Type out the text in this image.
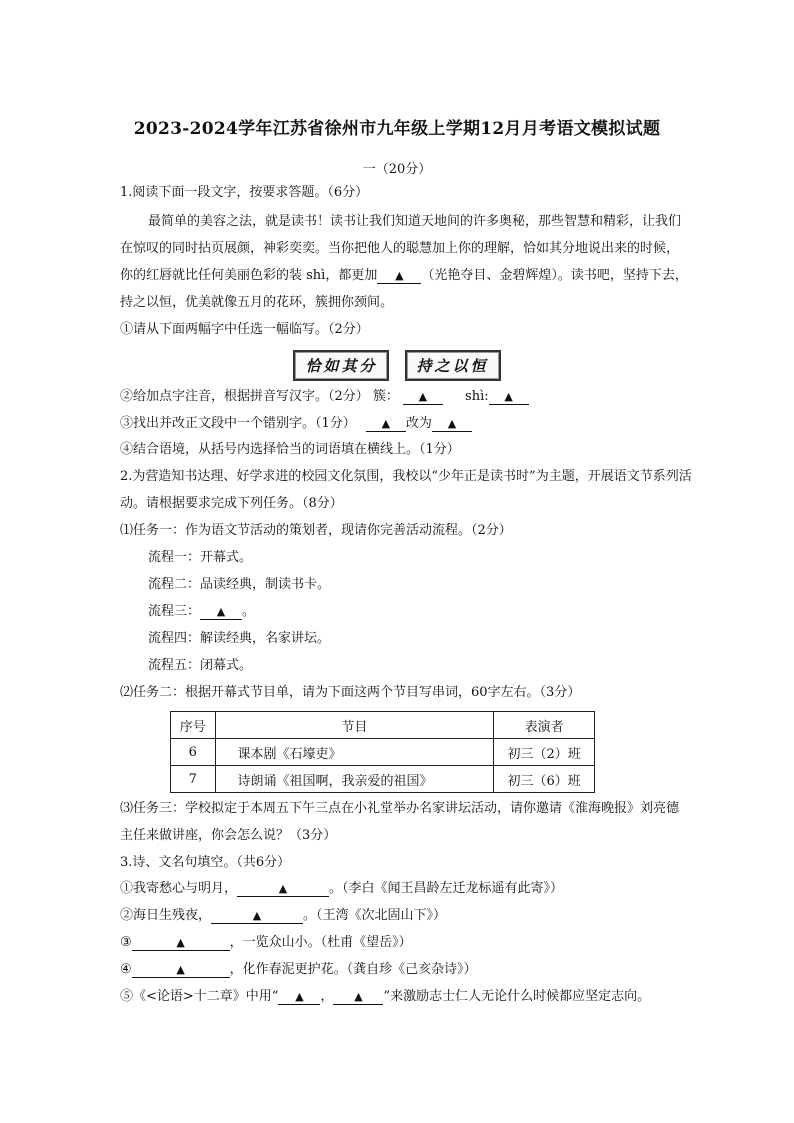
2023-2024学年江苏省徐州市九年级上学期12月月考语文模拟试题
一（20分）
1.阅读下面一段文字，按要求答题。（6分）
最简单的美容之法，就是读书！读书让我们知道天地间的许多奥秘，那些智慧和精彩，让我们
在惊叹的同时拈页展颜，神彩奕奕。当你把他人的聪慧加上你的理解，恰如其分地说出来的时候，
你的红唇就比任何美丽色彩的装 shì，都更加 ▲ （光艳夺目、金碧辉煌）。读书吧，坚持下去，
持之以恒，优美就像五月的花环，簇拥你颈间。
①请从下面两幅字中任选一幅临写。（2分）
恰如其分	持之以恒
②给加点字注音，根据拼音写汉字。（2分） 簇： ▲	shì: ▲
③找出并改正文段中一个错别字。（1分） ▲ 改为 ▲
④结合语境，从括号内选择恰当的词语填在横线上。（1分）
2.为营造知书达理、好学求进的校园文化氛围，我校以“少年正是读书时”为主题，开展语文节系列活
动。请根据要求完成下列任务。（8分）
⑴任务一：作为语文节活动的策划者，现请你完善活动流程。（2分）
流程一：开幕式。
流程二：品读经典，制读书卡。
流程三： ▲ 。
流程四：解读经典，名家讲坛。
流程五：闭幕式。
⑵任务二：根据开幕式节目单，请为下面这两个节目写串词，60字左右。（3分）
序号	节目	表演者
6	课本剧《石壕吏》	初三（2）班
7	诗朗诵《祖国啊，我亲爱的祖国》	初三（6）班
⑶任务三：学校拟定于本周五下午三点在小礼堂举办名家讲坛活动，请你邀请《淮海晚报》刘亮德
主任来做讲座，你会怎么说？（3分）
3.诗、文名句填空。（共6分）
①我寄愁心与明月，	▲	。（李白《闻王昌龄左迁龙标遥有此寄》）
②海日生残夜，	▲	。（王湾《次北固山下》）
③	▲	，一览众山小。（杜甫《望岳》）
④	▲	，化作春泥更护花。（龚自珍《己亥杂诗》）
⑤《<论语>十二章》中用“ ▲ ， ▲ ”来激励志士仁人无论什么时候都应坚定志向。
